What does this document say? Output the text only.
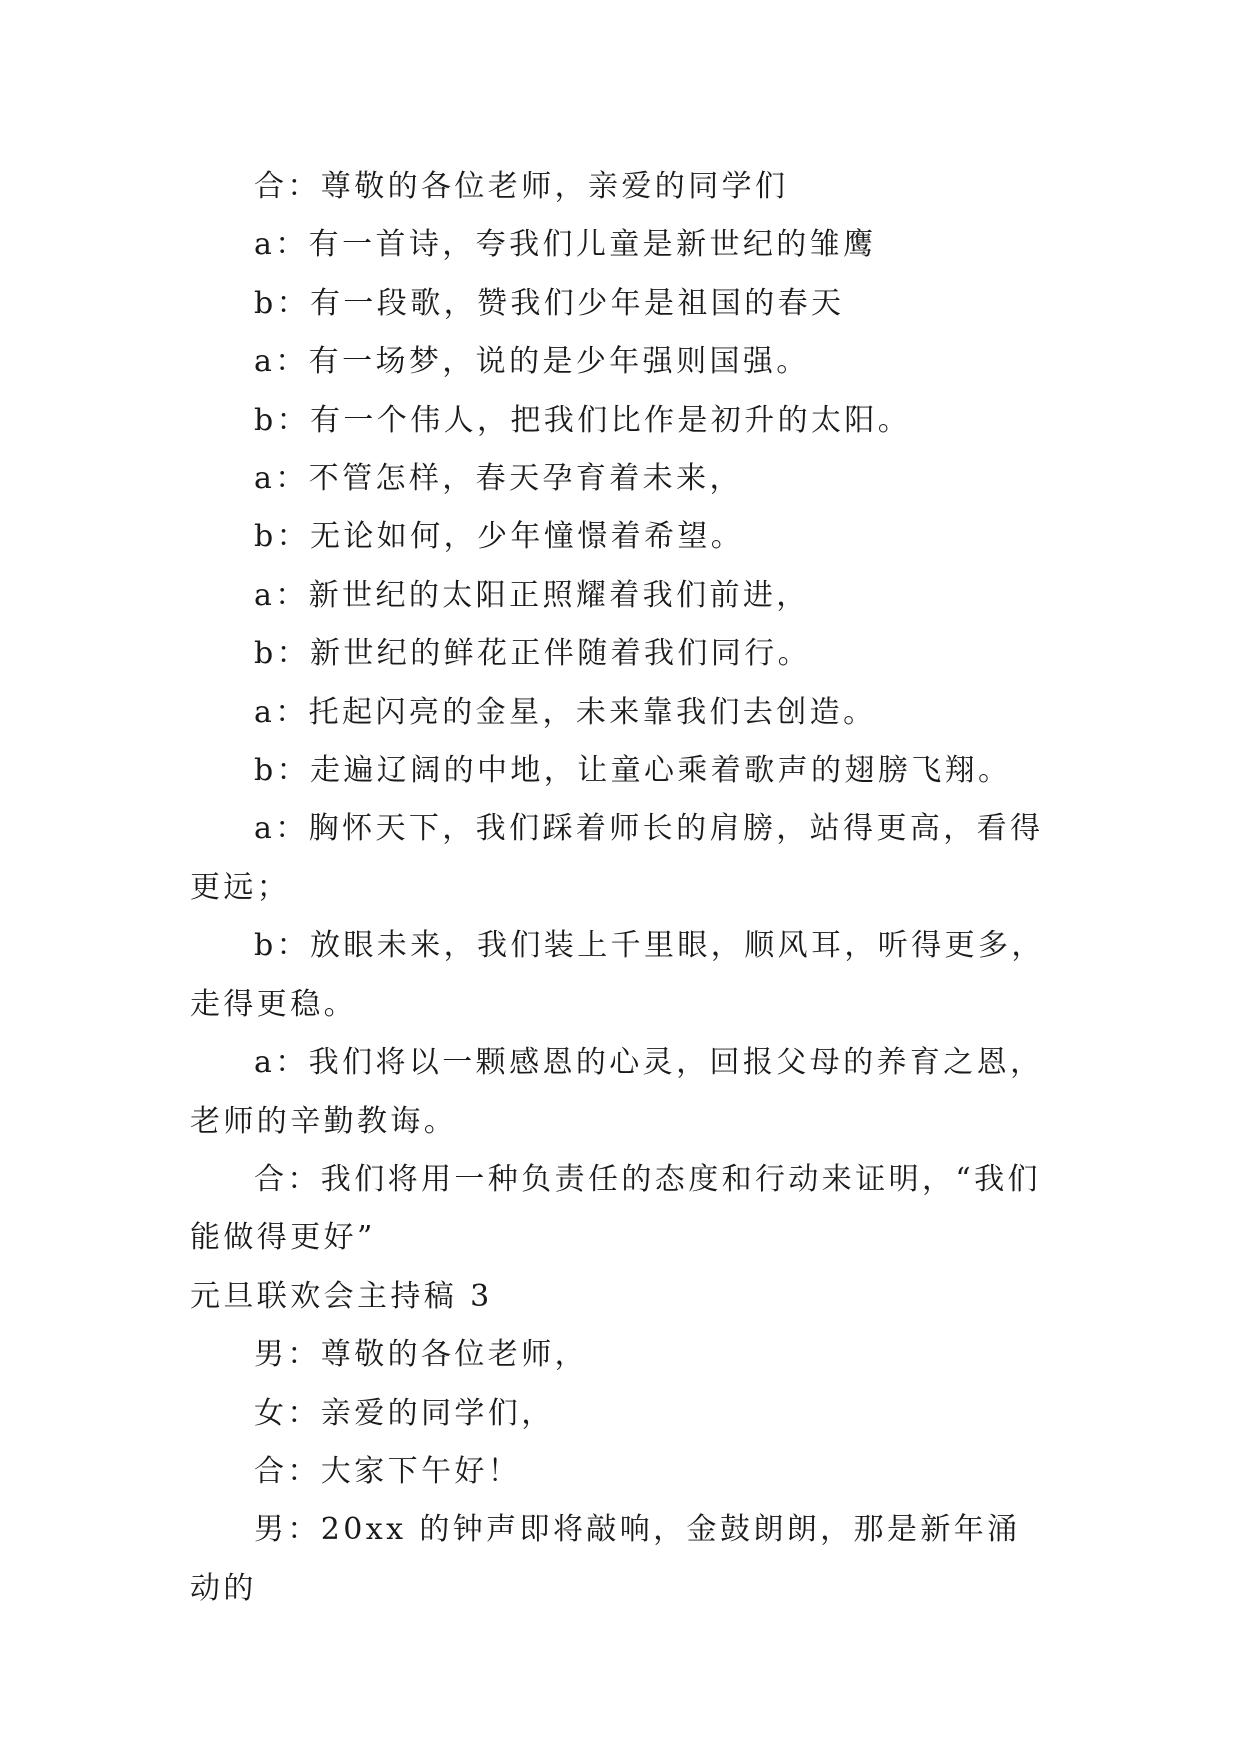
合：尊敬的各位老师，亲爱的同学们

a：有一首诗，夸我们儿童是新世纪的雏鹰

b：有一段歌，赞我们少年是祖国的春天

a：有一场梦，说的是少年强则国强。

b：有一个伟人，把我们比作是初升的太阳。

a：不管怎样，春天孕育着未来，

b：无论如何，少年憧憬着希望。

a：新世纪的太阳正照耀着我们前进，

b：新世纪的鲜花正伴随着我们同行。

a：托起闪亮的金星，未来靠我们去创造。

b：走遍辽阔的中地，让童心乘着歌声的翅膀飞翔。

a：胸怀天下，我们踩着师长的肩膀，站得更高，看得更远；

b：放眼未来，我们装上千里眼，顺风耳，听得更多，走得更稳。

a：我们将以一颗感恩的心灵，回报父母的养育之恩，老师的辛勤教诲。

合：我们将用一种负责任的态度和行动来证明，“我们能做得更好”

元旦联欢会主持稿 3

男：尊敬的各位老师，

女：亲爱的同学们，

合：大家下午好！

男：20xx 的钟声即将敲响，金鼓朗朗，那是新年涌动的
